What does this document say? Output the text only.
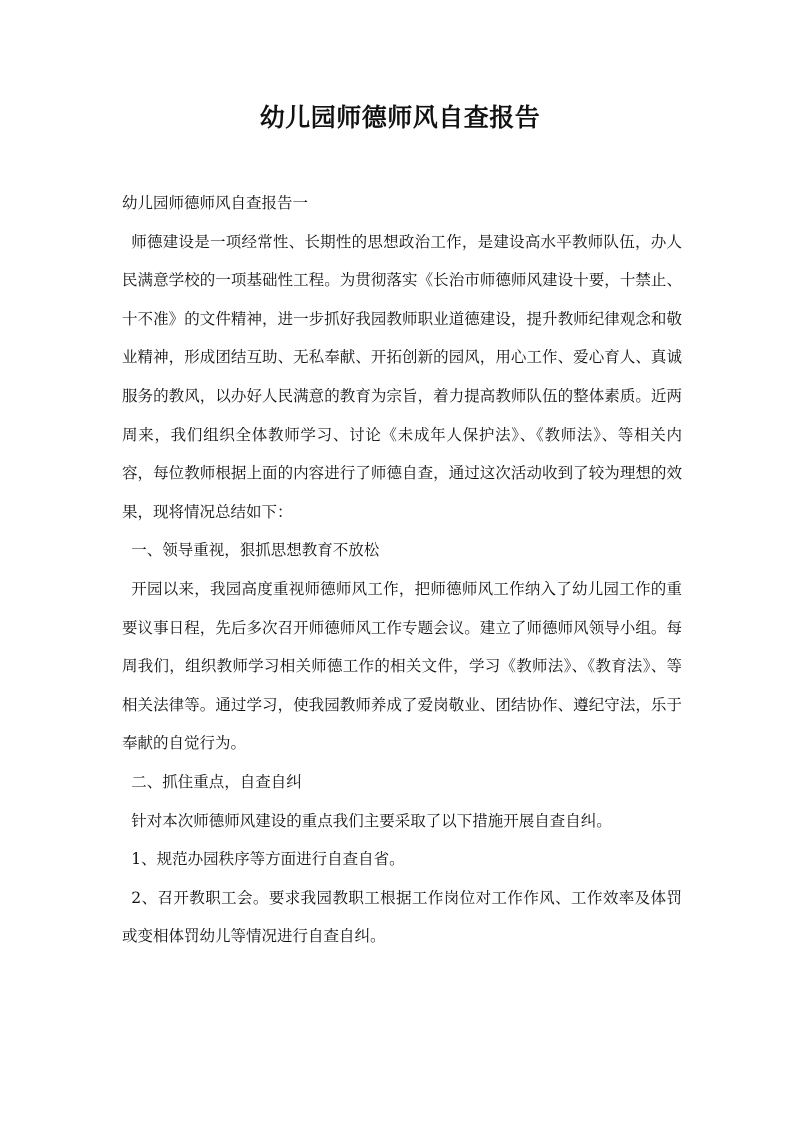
幼儿园师德师风自查报告

幼儿园师德师风自查报告一

师德建设是一项经常性、长期性的思想政治工作，是建设高水平教师队伍，办人民满意学校的一项基础性工程。为贯彻落实《长治市师德师风建设十要，十禁止、十不准》的文件精神，进一步抓好我园教师职业道德建设，提升教师纪律观念和敬业精神，形成团结互助、无私奉献、开拓创新的园风，用心工作、爱心育人、真诚服务的教风，以办好人民满意的教育为宗旨，着力提高教师队伍的整体素质。近两周来，我们组织全体教师学习、讨论《未成年人保护法》、《教师法》、等相关内容，每位教师根据上面的内容进行了师德自查，通过这次活动收到了较为理想的效果，现将情况总结如下：

一、领导重视，狠抓思想教育不放松

开园以来，我园高度重视师德师风工作，把师德师风工作纳入了幼儿园工作的重要议事日程，先后多次召开师德师风工作专题会议。建立了师德师风领导小组。每周我们，组织教师学习相关师德工作的相关文件，学习《教师法》、《教育法》、等相关法律等。通过学习，使我园教师养成了爱岗敬业、团结协作、遵纪守法，乐于奉献的自觉行为。

二、抓住重点，自查自纠

针对本次师德师风建设的重点我们主要采取了以下措施开展自查自纠。

1、规范办园秩序等方面进行自查自省。

2、召开教职工会。要求我园教职工根据工作岗位对工作作风、工作效率及体罚或变相体罚幼儿等情况进行自查自纠。
